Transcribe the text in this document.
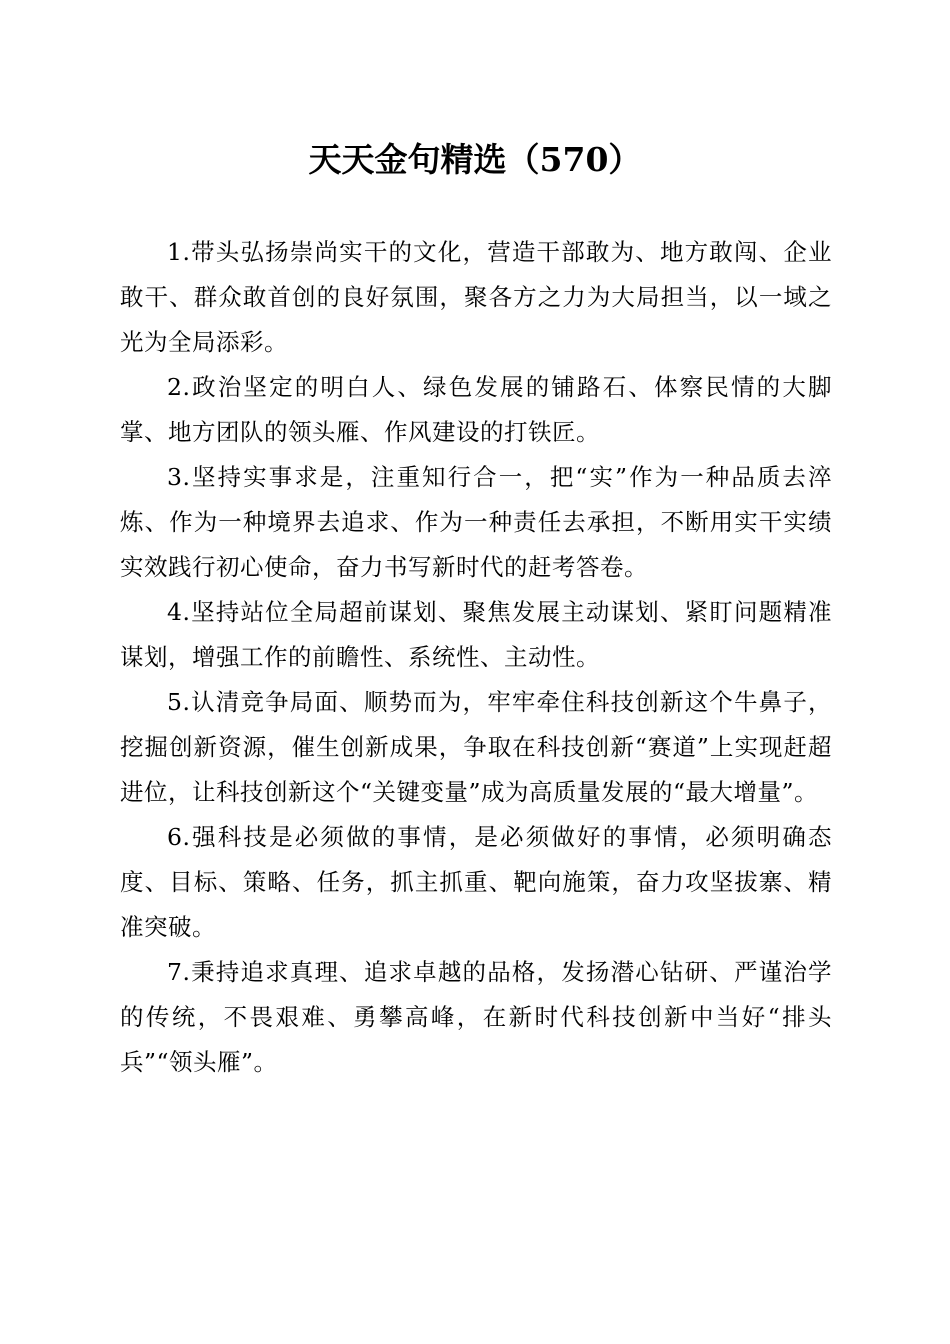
天天金句精选（570）

1.带头弘扬崇尚实干的文化，营造干部敢为、地方敢闯、企业敢干、群众敢首创的良好氛围，聚各方之力为大局担当，以一域之光为全局添彩。

2.政治坚定的明白人、绿色发展的铺路石、体察民情的大脚掌、地方团队的领头雁、作风建设的打铁匠。

3.坚持实事求是，注重知行合一，把“实”作为一种品质去淬炼、作为一种境界去追求、作为一种责任去承担，不断用实干实绩实效践行初心使命，奋力书写新时代的赶考答卷。

4.坚持站位全局超前谋划、聚焦发展主动谋划、紧盯问题精准谋划，增强工作的前瞻性、系统性、主动性。

5.认清竞争局面、顺势而为，牢牢牵住科技创新这个牛鼻子，挖掘创新资源，催生创新成果，争取在科技创新“赛道”上实现赶超进位，让科技创新这个“关键变量”成为高质量发展的“最大增量”。

6.强科技是必须做的事情，是必须做好的事情，必须明确态度、目标、策略、任务，抓主抓重、靶向施策，奋力攻坚拔寨、精准突破。

7.秉持追求真理、追求卓越的品格，发扬潜心钻研、严谨治学的传统，不畏艰难、勇攀高峰，在新时代科技创新中当好“排头兵”“领头雁”。
